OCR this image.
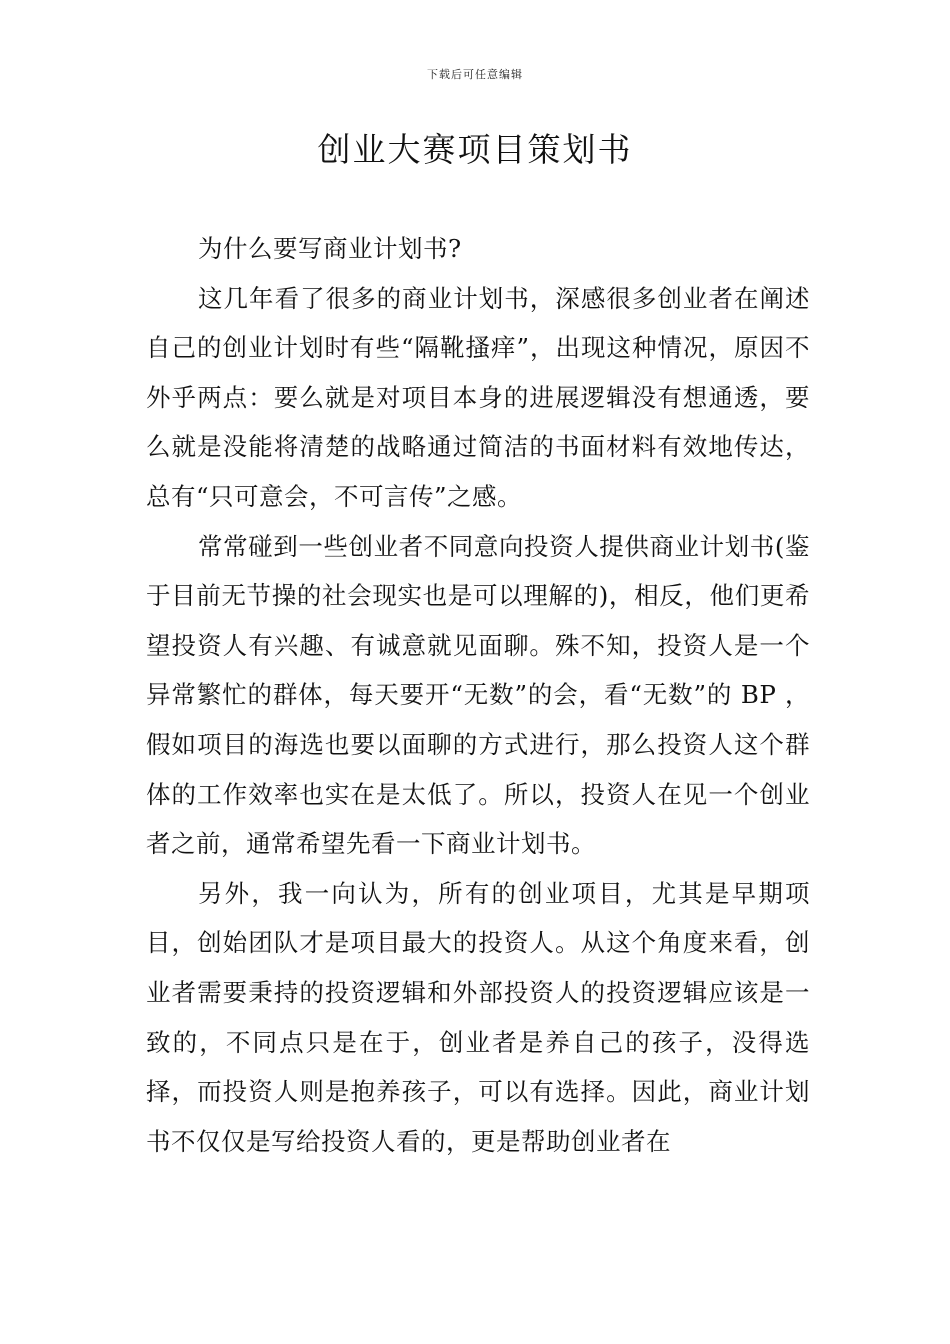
下载后可任意编辑
创业大赛项目策划书

为什么要写商业计划书?

这几年看了很多的商业计划书，深感很多创业者在阐述自己的创业计划时有些“隔靴搔痒”，出现这种情况，原因不外乎两点：要么就是对项目本身的进展逻辑没有想通透，要么就是没能将清楚的战略通过简洁的书面材料有效地传达，总有“只可意会，不可言传”之感。

常常碰到一些创业者不同意向投资人提供商业计划书(鉴于目前无节操的社会现实也是可以理解的)，相反，他们更希望投资人有兴趣、有诚意就见面聊。殊不知，投资人是一个异常繁忙的群体，每天要开“无数”的会，看“无数”的 BP ，假如项目的海选也要以面聊的方式进行，那么投资人这个群体的工作效率也实在是太低了。所以，投资人在见一个创业者之前，通常希望先看一下商业计划书。

另外，我一向认为，所有的创业项目，尤其是早期项目，创始团队才是项目最大的投资人。从这个角度来看，创业者需要秉持的投资逻辑和外部投资人的投资逻辑应该是一致的，不同点只是在于，创业者是养自己的孩子，没得选择，而投资人则是抱养孩子，可以有选择。因此，商业计划书不仅仅是写给投资人看的，更是帮助创业者在
